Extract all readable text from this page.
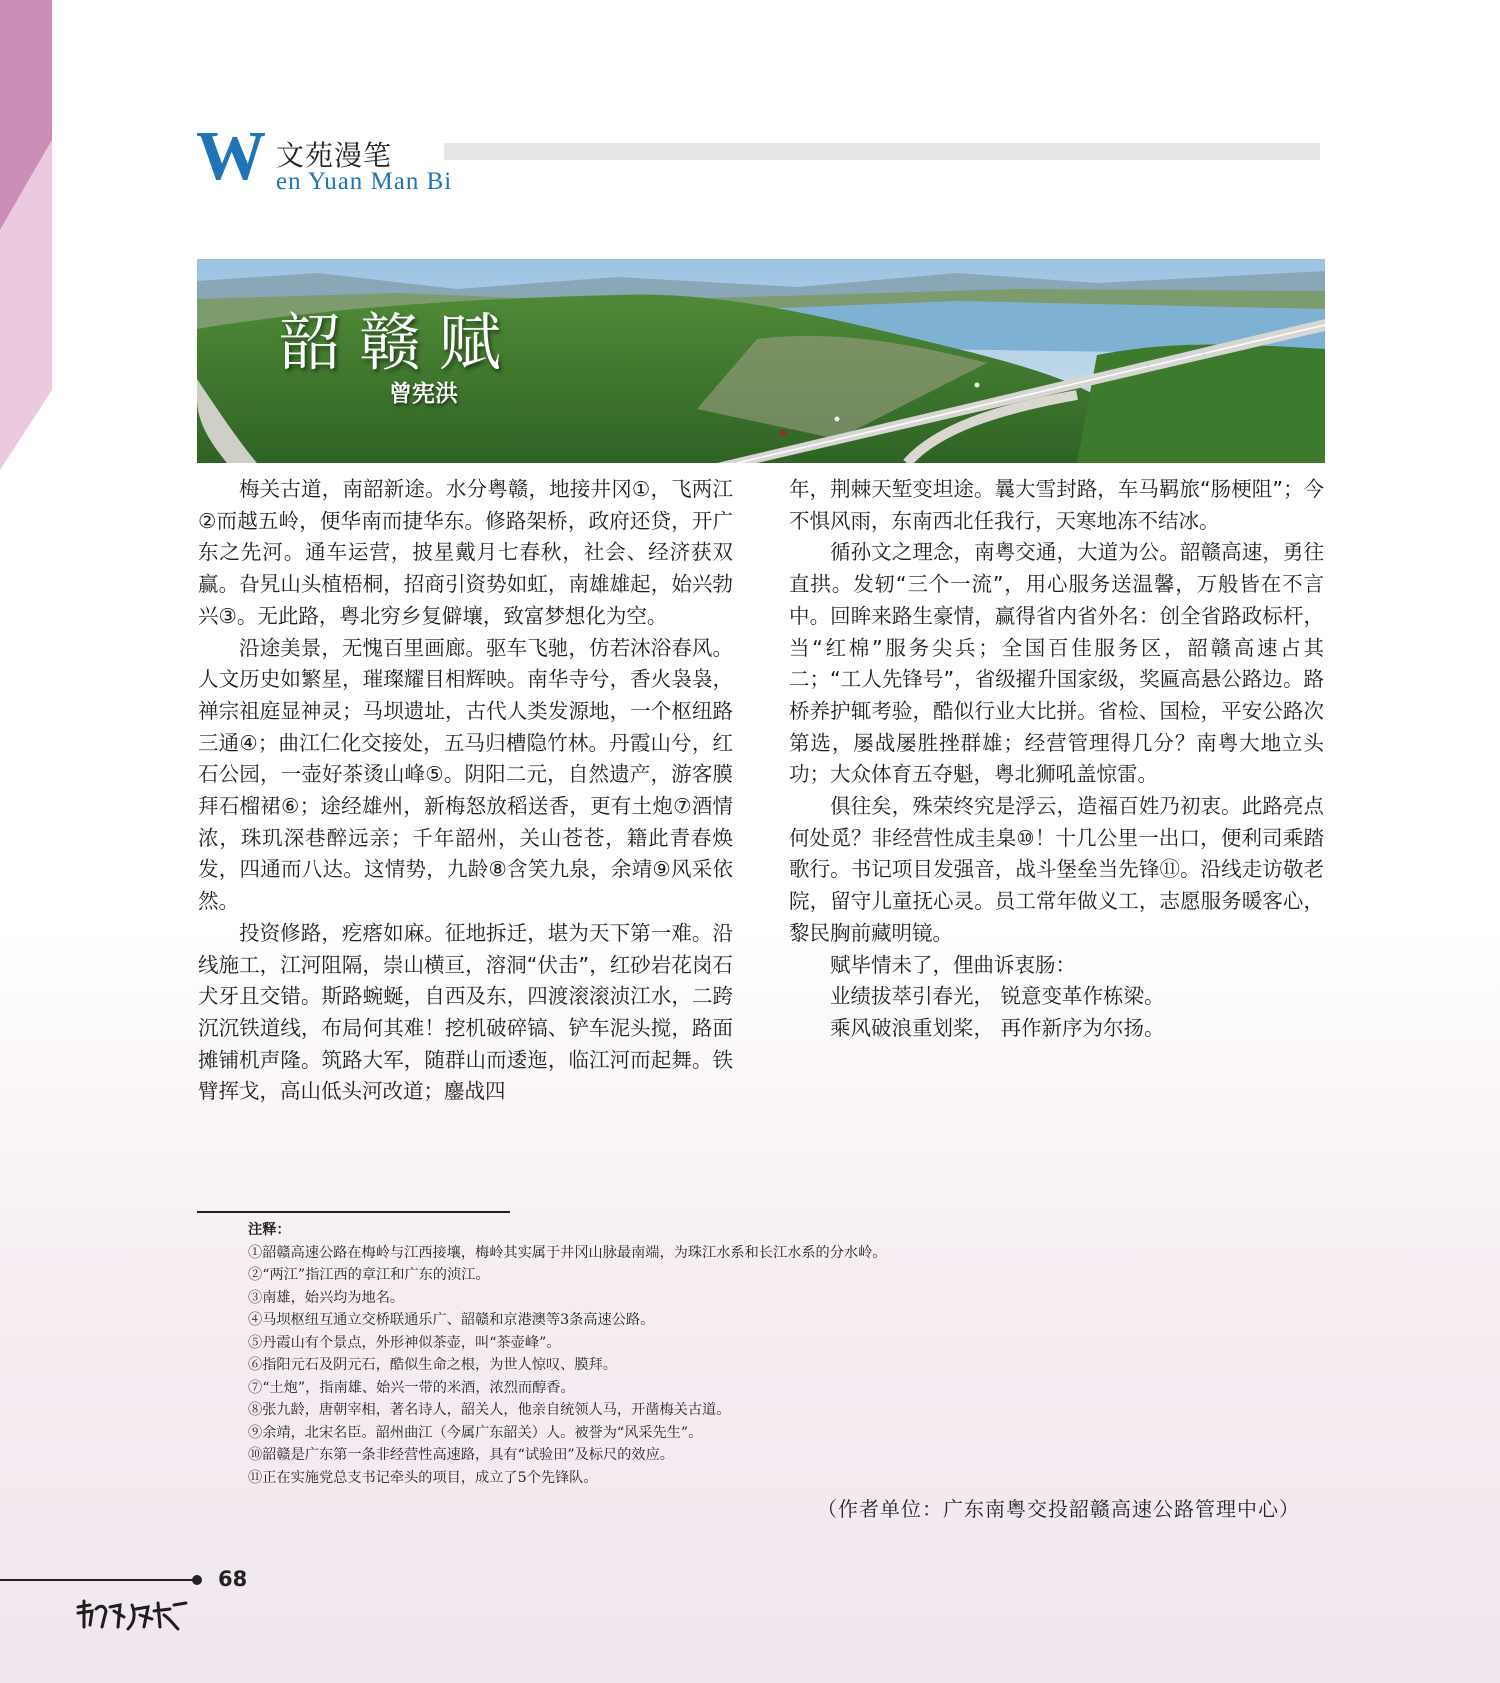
W 文苑漫笔
en Yuan Man Bi
韶赣赋
曾宪洪

梅关古道，南韶新途。水分粤赣，地接井冈①，飞两江②而越五岭，便华南而捷华东。修路架桥，政府还贷，开广东之先河。通车运营，披星戴月七春秋，社会、经济获双赢。旮旯山头植梧桐，招商引资势如虹，南雄雄起，始兴勃兴③。无此路，粤北穷乡复僻壤，致富梦想化为空。

沿途美景，无愧百里画廊。驱车飞驰，仿若沐浴春风。人文历史如繁星，璀璨耀目相辉映。南华寺兮，香火袅袅，禅宗祖庭显神灵；马坝遗址，古代人类发源地，一个枢纽路三通④；曲江仁化交接处，五马归槽隐竹林。丹霞山兮，红石公园，一壶好茶烫山峰⑤。阴阳二元，自然遗产，游客膜拜石榴裙⑥；途经雄州，新梅怒放稻送香，更有土炮⑦酒情浓，珠玑深巷醉远亲；千年韶州，关山苍苍，籍此青春焕发，四通而八达。这情势，九龄⑧含笑九泉，余靖⑨风采依然。

投资修路，疙瘩如麻。征地拆迁，堪为天下第一难。沿线施工，江河阻隔，崇山横亘，溶洞“伏击”，红砂岩花岗石犬牙且交错。斯路蜿蜒，自西及东，四渡滚滚浈江水，二跨沉沉铁道线，布局何其难！挖机破碎镐、铲车泥头搅，路面摊铺机声隆。筑路大军，随群山而逶迤，临江河而起舞。铁臂挥戈，高山低头河改道；鏖战四

年，荆棘天堑变坦途。曩大雪封路，车马羁旅“肠梗阻”；今不惧风雨，东南西北任我行，天寒地冻不结冰。

循孙文之理念，南粤交通，大道为公。韶赣高速，勇往直拱。发轫“三个一流”，用心服务送温馨，万般皆在不言中。回眸来路生豪情，赢得省内省外名：创全省路政标杆，当“红棉”服务尖兵；全国百佳服务区，韶赣高速占其二；“工人先锋号”，省级擢升国家级，奖匾高悬公路边。路桥养护辄考验，酷似行业大比拼。省检、国检，平安公路次第选，屡战屡胜挫群雄；经营管理得几分？南粤大地立头功；大众体育五夺魁，粤北狮吼盖惊雷。

俱往矣，殊荣终究是浮云，造福百姓乃初衷。此路亮点何处觅？非经营性成圭臬⑩！十几公里一出口，便利司乘踏歌行。书记项目发强音，战斗堡垒当先锋⑪。沿线走访敬老院，留守儿童抚心灵。员工常年做义工，志愿服务暖客心，黎民胸前藏明镜。

赋毕情未了，俚曲诉衷肠：

业绩拔萃引春光， 锐意变革作栋梁。

乘风破浪重划桨， 再作新序为尔扬。

注释：
①韶赣高速公路在梅岭与江西接壤，梅岭其实属于井冈山脉最南端，为珠江水系和长江水系的分水岭。
②“两江”指江西的章江和广东的浈江。
③南雄，始兴均为地名。
④马坝枢纽互通立交桥联通乐广、韶赣和京港澳等3条高速公路。
⑤丹霞山有个景点，外形神似茶壶，叫“茶壶峰”。
⑥指阳元石及阴元石，酷似生命之根，为世人惊叹、膜拜。
⑦“土炮”，指南雄、始兴一带的米酒，浓烈而醇香。
⑧张九龄，唐朝宰相，著名诗人，韶关人，他亲自统领人马，开凿梅关古道。
⑨余靖，北宋名臣。韶州曲江（今属广东韶关）人。被誉为“风采先生”。
⑩韶赣是广东第一条非经营性高速路，具有“试验田”及标尺的效应。
⑪正在实施党总支书记牵头的项目，成立了5个先锋队。
（作者单位：广东南粤交投韶赣高速公路管理中心）
68
